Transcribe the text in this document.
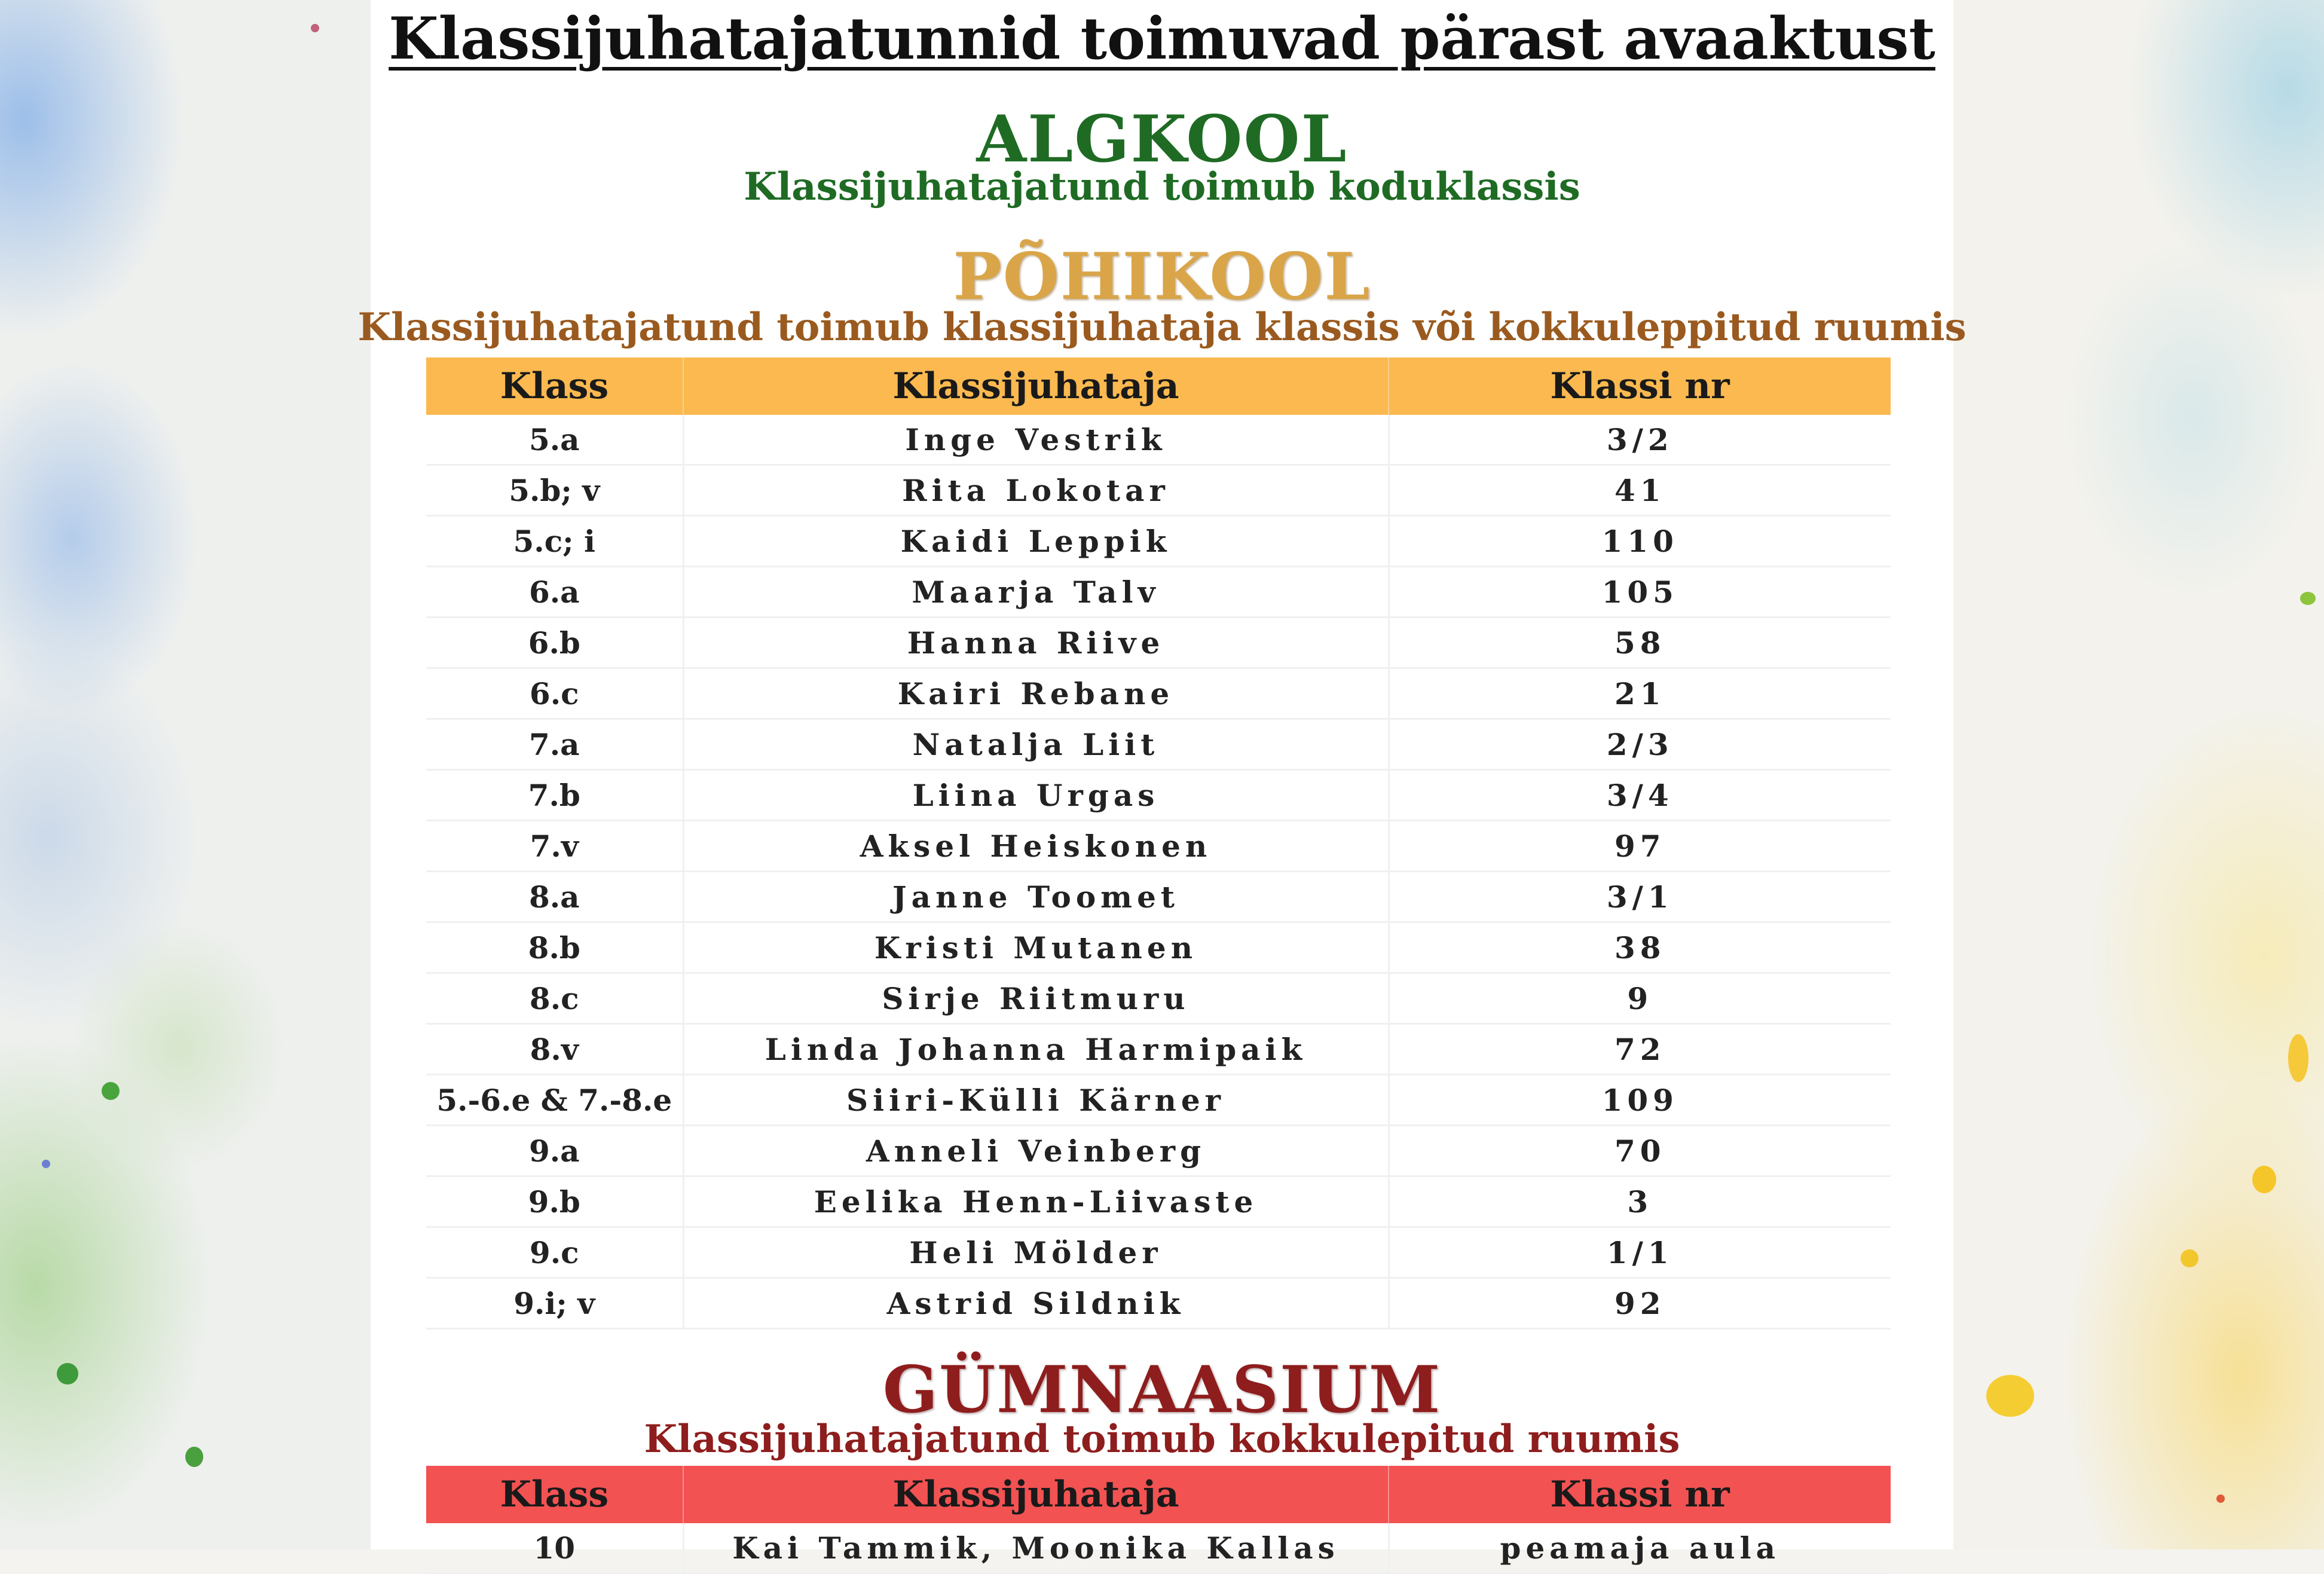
Klassijuhatajatunnid toimuvad pärast avaaktust
ALGKOOL
Klassijuhatajatund toimub koduklassis
PÕHIKOOL
Klassijuhatajatund toimub klassijuhataja klassis või kokkuleppitud ruumis
Klass	Klassijuhataja	Klassi nr
5.a	Inge Vestrik	3/2
5.b; v	Rita Lokotar	41
5.c; i	Kaidi Leppik	110
6.a	Maarja Talv	105
6.b	Hanna Riive	58
6.c	Kairi Rebane	21
7.a	Natalja Liit	2/3
7.b	Liina Urgas	3/4
7.v	Aksel Heiskonen	97
8.a	Janne Toomet	3/1
8.b	Kristi Mutanen	38
8.c	Sirje Riitmuru	9
8.v	Linda Johanna Harmipaik	72
5.-6.e & 7.-8.e	Siiri-Külli Kärner	109
9.a	Anneli Veinberg	70
9.b	Eelika Henn-Liivaste	3
9.c	Heli Mölder	1/1
9.i; v	Astrid Sildnik	92
GÜMNAASIUM
Klassijuhatajatund toimub kokkulepitud ruumis
Klass	Klassijuhataja	Klassi nr
10	Kai Tammik, Moonika Kallas	peamaja aula
